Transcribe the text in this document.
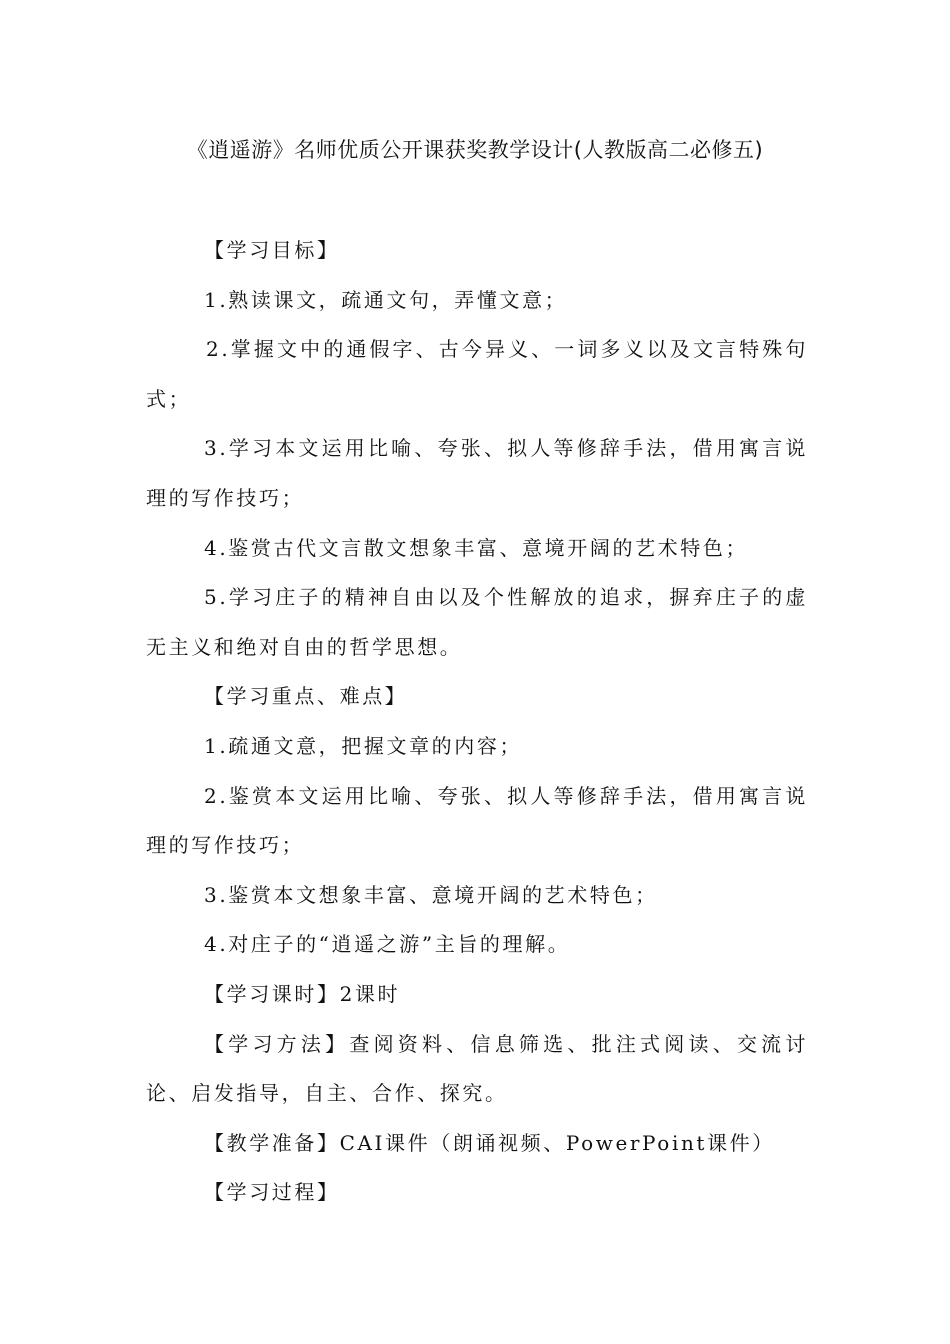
《逍遥游》名师优质公开课获奖教学设计(人教版高二必修五)

【学习目标】

1.熟读课文，疏通文句，弄懂文意；

2.掌握文中的通假字、古今异义、一词多义以及文言特殊句式；

3.学习本文运用比喻、夸张、拟人等修辞手法，借用寓言说理的写作技巧；

4.鉴赏古代文言散文想象丰富、意境开阔的艺术特色；

5.学习庄子的精神自由以及个性解放的追求，摒弃庄子的虚无主义和绝对自由的哲学思想。

【学习重点、难点】

1.疏通文意，把握文章的内容；

2.鉴赏本文运用比喻、夸张、拟人等修辞手法，借用寓言说理的写作技巧；

3.鉴赏本文想象丰富、意境开阔的艺术特色；

4.对庄子的“逍遥之游”主旨的理解。

【学习课时】2课时

【学习方法】查阅资料、信息筛选、批注式阅读、交流讨论、启发指导，自主、合作、探究。

【教学准备】CAI课件（朗诵视频、PowerPoint课件）

【学习过程】
